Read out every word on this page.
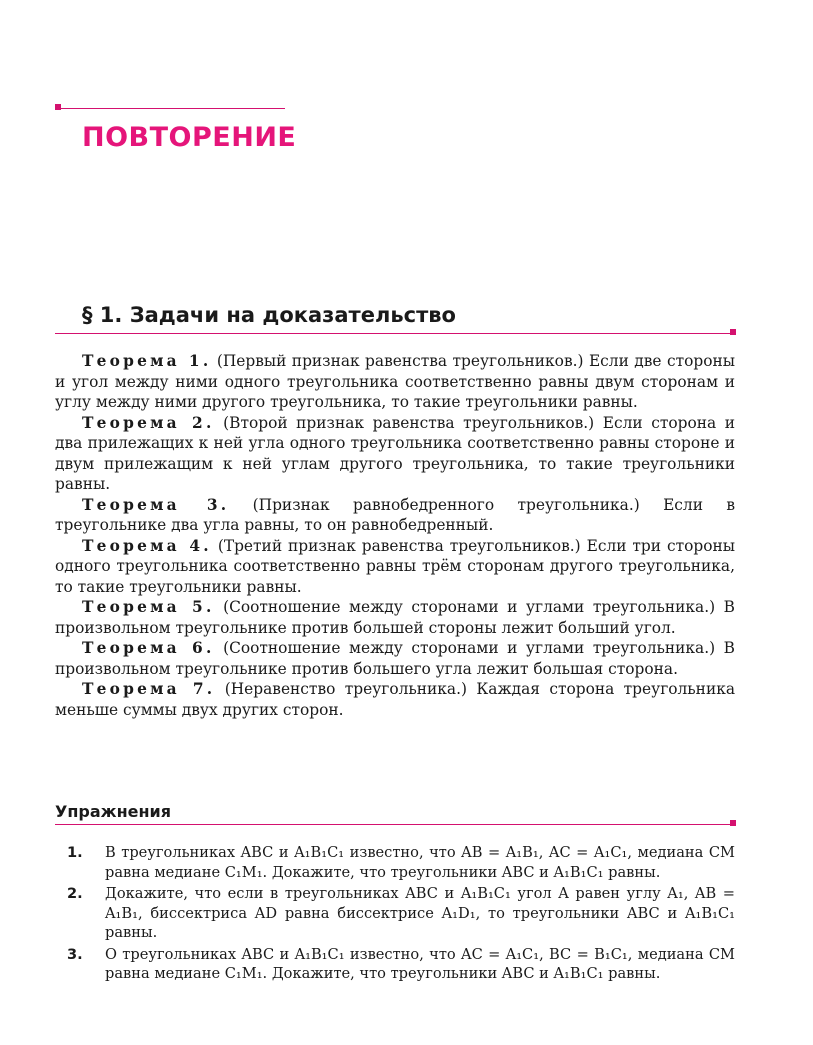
ПОВТОРЕНИЕ
§ 1. Задачи на доказательство

Теорема 1. (Первый признак равенства треугольников.) Если две стороны и угол между ними одного треугольника соответственно равны двум сторонам и углу между ними другого треугольника, то такие треугольники равны.

Теорема 2. (Второй признак равенства треугольников.) Если сторона и два прилежащих к ней угла одного треугольника соответственно равны стороне и двум прилежащим к ней углам другого треугольника, то такие треугольники равны.

Теорема 3. (Признак равнобедренного треугольника.) Если в треугольнике два угла равны, то он равнобедренный.

Теорема 4. (Третий признак равенства треугольников.) Если три стороны одного треугольника соответственно равны трём сторонам другого треугольника, то такие треугольники равны.

Теорема 5. (Соотношение между сторонами и углами треугольника.) В произвольном треугольнике против большей стороны лежит больший угол.

Теорема 6. (Соотношение между сторонами и углами треугольника.) В произвольном треугольнике против большего угла лежит большая сторона.

Теорема 7. (Неравенство треугольника.) Каждая сторона треугольника меньше суммы двух других сторон.

Упражнения
1. В треугольниках ABC и A₁B₁C₁ известно, что AB = A₁B₁, AC = A₁C₁, медиана CM равна медиане C₁M₁. Докажите, что треугольники ABC и A₁B₁C₁ равны.
2. Докажите, что если в треугольниках ABC и A₁B₁C₁ угол A равен углу A₁, AB = A₁B₁, биссектриса AD равна биссектрисе A₁D₁, то треугольники ABC и A₁B₁C₁ равны.
3. О треугольниках ABC и A₁B₁C₁ известно, что AC = A₁C₁, BC = B₁C₁, медиана CM равна медиане C₁M₁. Докажите, что треугольники ABC и A₁B₁C₁ равны.
